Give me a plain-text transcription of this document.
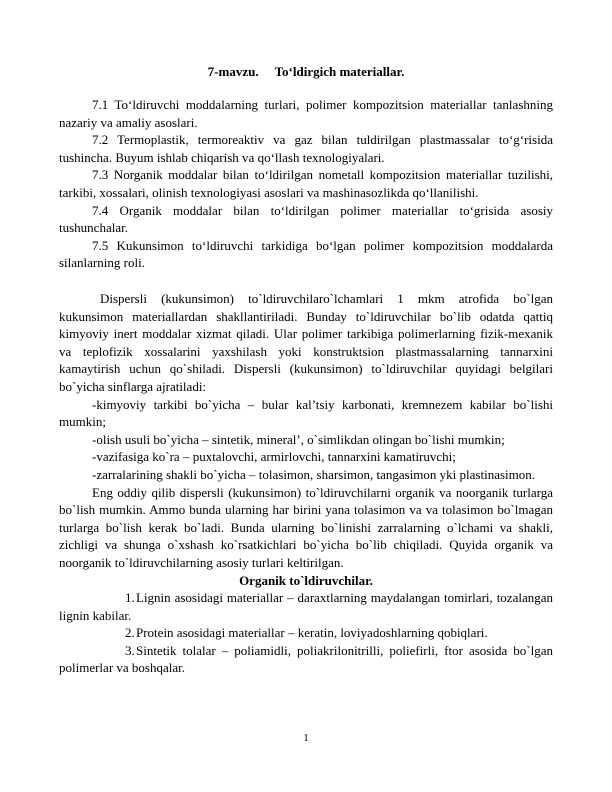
7-mavzu.     To‘ldirgich materiallar.

7.1 To‘ldiruvchi moddalarning turlari, polimer kompozitsion materiallar tanlashning nazariy va amaliy asoslari.

7.2 Termoplastik, termoreaktiv va gaz bilan tuldirilgan plastmassalar to‘g‘risida tushincha. Buyum ishlab chiqarish va qo‘llash texnologiyalari.

7.3 Norganik moddalar bilan to‘ldirilgan nometall kompozitsion materiallar tuzilishi, tarkibi, xossalari, olinish texnologiyasi asoslari va mashinasozlikda qo‘llanilishi.

7.4 Organik moddalar bilan to‘ldirilgan polimer materiallar to‘grisida asosiy tushunchalar.

7.5 Kukunsimon to‘ldiruvchi tarkidiga bo‘lgan polimer kompozitsion moddalarda silanlarning roli.

Dispersli (kukunsimon) to`ldiruvchilaro`lchamlari 1 mkm atrofida bo`lgan kukunsimon materiallardan shakllantiriladi. Bunday to`ldiruvchilar bo`lib odatda qattiq kimyoviy inert moddalar xizmat qiladi. Ular polimer tarkibiga polimerlarning fizik-mexanik va teplofizik xossalarini yaxshilash yoki konstruktsion plastmassalarning tannarxini kamaytirish uchun qo`shiladi. Dispersli (kukunsimon) to`ldiruvchilar quyidagi belgilari bo`yicha sinflarga ajratiladi:

-kimyoviy tarkibi bo`yicha – bular kal’tsiy karbonati, kremnezem kabilar bo`lishi mumkin;

-olish usuli bo`yicha – sintetik, mineral’, o`simlikdan olingan bo`lishi mumkin;

-vazifasiga ko`ra – puxtalovchi, armirlovchi, tannarxini kamatiruvchi;

-zarralarining shakli bo`yicha – tolasimon, sharsimon, tangasimon yki plastinasimon.

Eng oddiy qilib dispersli (kukunsimon) to`ldiruvchilarni organik va noorganik turlarga bo`lish mumkin. Ammo bunda ularning har birini yana tolasimon va va tolasimon bo`lmagan turlarga bo`lish kerak bo`ladi. Bunda ularning bo`linishi zarralarning o`lchami va shakli, zichligi va shunga o`xshash ko`rsatkichlari bo`yicha bo`lib chiqiladi. Quyida organik va noorganik to`ldiruvchilarning asosiy turlari keltirilgan.

Organik to`ldiruvchilar.

1.Lignin asosidagi materiallar – daraxtlarning maydalangan tomirlari, tozalangan lignin kabilar.

2.Protein asosidagi materiallar – keratin, loviyadoshlarning qobiqlari.

3.Sintetik tolalar – poliamidli, poliakrilonitrilli, poliefirli, ftor asosida bo`lgan polimerlar va boshqalar.

1
